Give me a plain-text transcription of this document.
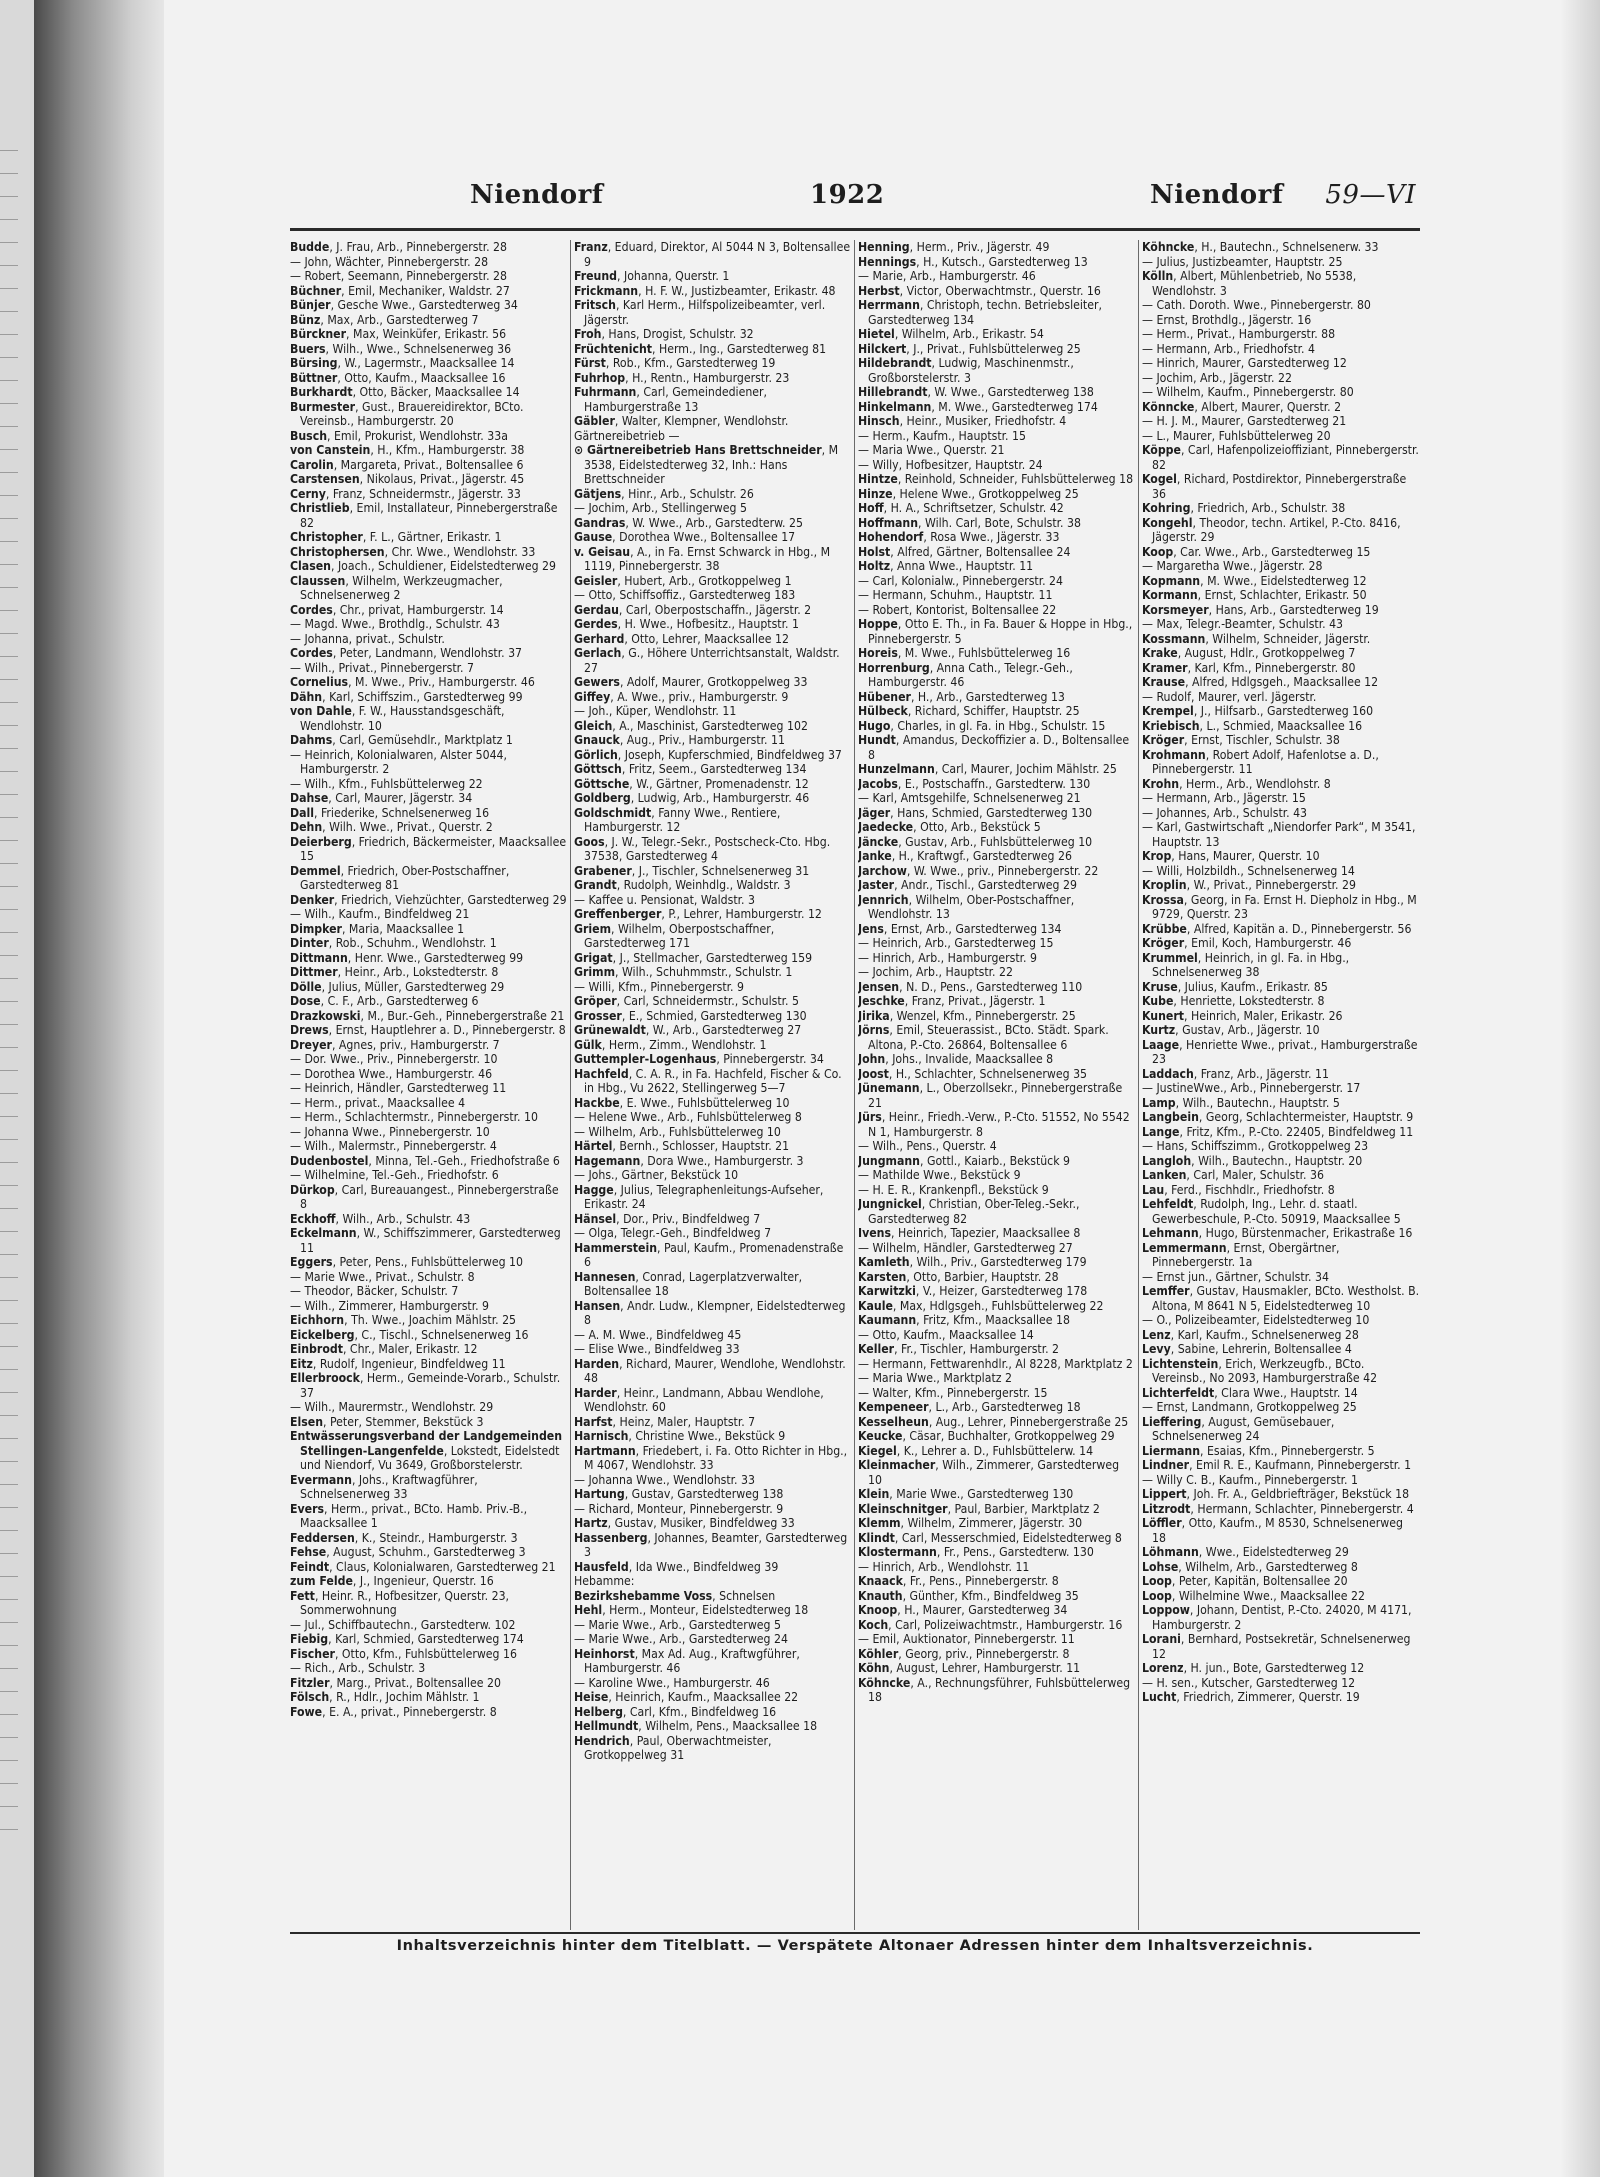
Niendorf	1922	Niendorf 59—VI

Budde, J. Frau, Arb., Pinnebergerstr. 28

— John, Wächter, Pinnebergerstr. 28

— Robert, Seemann, Pinnebergerstr. 28

Büchner, Emil, Mechaniker, Waldstr. 27

Bünjer, Gesche Wwe., Garstedterweg 34

Bünz, Max, Arb., Garstedterweg 7

Bürckner, Max, Weinküfer, Erikastr. 56

Buers, Wilh., Wwe., Schnelsenerweg 36

Bürsing, W., Lagermstr., Maacksallee 14

Büttner, Otto, Kaufm., Maacksallee 16

Burkhardt, Otto, Bäcker, Maacksallee 14

Burmester, Gust., Brauereidirektor, BCto. Vereinsb., Hamburgerstr. 20

Busch, Emil, Prokurist, Wendlohstr. 33a

von Canstein, H., Kfm., Hamburgerstr. 38

Carolin, Margareta, Privat., Boltensallee 6

Carstensen, Nikolaus, Privat., Jägerstr. 45

Cerny, Franz, Schneidermstr., Jägerstr. 33

Christlieb, Emil, Installateur, Pinnebergerstraße 82

Christopher, F. L., Gärtner, Erikastr. 1

Christophersen, Chr. Wwe., Wendlohstr. 33

Clasen, Joach., Schuldiener, Eidelstedterweg 29

Claussen, Wilhelm, Werkzeugmacher, Schnelsenerweg 2

Cordes, Chr., privat, Hamburgerstr. 14

— Magd. Wwe., Brothdlg., Schulstr. 43

— Johanna, privat., Schulstr.

Cordes, Peter, Landmann, Wendlohstr. 37

— Wilh., Privat., Pinnebergerstr. 7

Cornelius, M. Wwe., Priv., Hamburgerstr. 46

Dähn, Karl, Schiffszim., Garstedterweg 99

von Dahle, F. W., Hausstandsgeschäft, Wendlohstr. 10

Dahms, Carl, Gemüsehdlr., Marktplatz 1

— Heinrich, Kolonialwaren, Alster 5044, Hamburgerstr. 2

— Wilh., Kfm., Fuhlsbüttelerweg 22

Dahse, Carl, Maurer, Jägerstr. 34

Dall, Friederike, Schnelsenerweg 16

Dehn, Wilh. Wwe., Privat., Querstr. 2

Deierberg, Friedrich, Bäckermeister, Maacksallee 15

Demmel, Friedrich, Ober-Postschaffner, Garstedterweg 81

Denker, Friedrich, Viehzüchter, Garstedterweg 29

— Wilh., Kaufm., Bindfeldweg 21

Dimpker, Maria, Maacksallee 1

Dinter, Rob., Schuhm., Wendlohstr. 1

Dittmann, Henr. Wwe., Garstedterweg 99

Dittmer, Heinr., Arb., Lokstedterstr. 8

Dölle, Julius, Müller, Garstedterweg 29

Dose, C. F., Arb., Garstedterweg 6

Drazkowski, M., Bur.-Geh., Pinnebergerstraße 21

Drews, Ernst, Hauptlehrer a. D., Pinnebergerstr. 8

Dreyer, Agnes, priv., Hamburgerstr. 7

— Dor. Wwe., Priv., Pinnebergerstr. 10

— Dorothea Wwe., Hamburgerstr. 46

— Heinrich, Händler, Garstedterweg 11

— Herm., privat., Maacksallee 4

— Herm., Schlachtermstr., Pinnebergerstr. 10

— Johanna Wwe., Pinnebergerstr. 10

— Wilh., Malermstr., Pinnebergerstr. 4

Dudenbostel, Minna, Tel.-Geh., Friedhofstraße 6

— Wilhelmine, Tel.-Geh., Friedhofstr. 6

Dürkop, Carl, Bureauangest., Pinnebergerstraße 8

Eckhoff, Wilh., Arb., Schulstr. 43

Eckelmann, W., Schiffszimmerer, Garstedterweg 11

Eggers, Peter, Pens., Fuhlsbüttelerweg 10

— Marie Wwe., Privat., Schulstr. 8

— Theodor, Bäcker, Schulstr. 7

— Wilh., Zimmerer, Hamburgerstr. 9

Eichhorn, Th. Wwe., Joachim Mählstr. 25

Eickelberg, C., Tischl., Schnelsenerweg 16

Einbrodt, Chr., Maler, Erikastr. 12

Eitz, Rudolf, Ingenieur, Bindfeldweg 11

Ellerbroock, Herm., Gemeinde-Vorarb., Schulstr. 37

— Wilh., Maurermstr., Wendlohstr. 29

Elsen, Peter, Stemmer, Bekstück 3

Entwässerungsverband der Landgemeinden Stellingen-Langenfelde, Lokstedt, Eidelstedt und Niendorf, Vu 3649, Großborstelerstr.

Evermann, Johs., Kraftwagführer, Schnelsenerweg 33

Evers, Herm., privat., BCto. Hamb. Priv.-B., Maacksallee 1

Feddersen, K., Steindr., Hamburgerstr. 3

Fehse, August, Schuhm., Garstedterweg 3

Feindt, Claus, Kolonialwaren, Garstedterweg 21

zum Felde, J., Ingenieur, Querstr. 16

Fett, Heinr. R., Hofbesitzer, Querstr. 23, Sommerwohnung

— Jul., Schiffbautechn., Garstedterw. 102

Fiebig, Karl, Schmied, Garstedterweg 174

Fischer, Otto, Kfm., Fuhlsbüttelerweg 16

— Rich., Arb., Schulstr. 3

Fitzler, Marg., Privat., Boltensallee 20

Fölsch, R., Hdlr., Jochim Mählstr. 1

Fowe, E. A., privat., Pinnebergerstr. 8

Franz, Eduard, Direktor, Al 5044 N 3, Boltensallee 9

Freund, Johanna, Querstr. 1

Frickmann, H. F. W., Justizbeamter, Erikastr. 48

Fritsch, Karl Herm., Hilfspolizeibeamter, verl. Jägerstr.

Froh, Hans, Drogist, Schulstr. 32

Früchtenicht, Herm., Ing., Garstedterweg 81

Fürst, Rob., Kfm., Garstedterweg 19

Fuhrhop, H., Rentn., Hamburgerstr. 23

Fuhrmann, Carl, Gemeindediener, Hamburgerstraße 13

Gäbler, Walter, Klempner, Wendlohstr.

Gärtnereibetrieb —

⊙ Gärtnereibetrieb Hans Brettschneider, M 3538, Eidelstedterweg 32, Inh.: Hans Brettschneider

Gätjens, Hinr., Arb., Schulstr. 26

— Jochim, Arb., Stellingerweg 5

Gandras, W. Wwe., Arb., Garstedterw. 25

Gause, Dorothea Wwe., Boltensallee 17

v. Geisau, A., in Fa. Ernst Schwarck in Hbg., M 1119, Pinnebergerstr. 38

Geisler, Hubert, Arb., Grotkoppelweg 1

— Otto, Schiffsoffiz., Garstedterweg 183

Gerdau, Carl, Oberpostschaffn., Jägerstr. 2

Gerdes, H. Wwe., Hofbesitz., Hauptstr. 1

Gerhard, Otto, Lehrer, Maacksallee 12

Gerlach, G., Höhere Unterrichtsanstalt, Waldstr. 27

Gewers, Adolf, Maurer, Grotkoppelweg 33

Giffey, A. Wwe., priv., Hamburgerstr. 9

— Joh., Küper, Wendlohstr. 11

Gleich, A., Maschinist, Garstedterweg 102

Gnauck, Aug., Priv., Hamburgerstr. 11

Görlich, Joseph, Kupferschmied, Bindfeldweg 37

Göttsch, Fritz, Seem., Garstedterweg 134

Göttsche, W., Gärtner, Promenadenstr. 12

Goldberg, Ludwig, Arb., Hamburgerstr. 46

Goldschmidt, Fanny Wwe., Rentiere, Hamburgerstr. 12

Goos, J. W., Telegr.-Sekr., Postscheck-Cto. Hbg. 37538, Garstedterweg 4

Grabener, J., Tischler, Schnelsenerweg 31

Grandt, Rudolph, Weinhdlg., Waldstr. 3

— Kaffee u. Pensionat, Waldstr. 3

Greffenberger, P., Lehrer, Hamburgerstr. 12

Griem, Wilhelm, Oberpostschaffner, Garstedterweg 171

Grigat, J., Stellmacher, Garstedterweg 159

Grimm, Wilh., Schuhmmstr., Schulstr. 1

— Willi, Kfm., Pinnebergerstr. 9

Gröper, Carl, Schneidermstr., Schulstr. 5

Grosser, E., Schmied, Garstedterweg 130

Grünewaldt, W., Arb., Garstedterweg 27

Gülk, Herm., Zimm., Wendlohstr. 1

Guttempler-Logenhaus, Pinnebergerstr. 34

Hachfeld, C. A. R., in Fa. Hachfeld, Fischer & Co. in Hbg., Vu 2622, Stellingerweg 5—7

Hackbe, E. Wwe., Fuhlsbüttelerweg 10

— Helene Wwe., Arb., Fuhlsbüttelerweg 8

— Wilhelm, Arb., Fuhlsbüttelerweg 10

Härtel, Bernh., Schlosser, Hauptstr. 21

Hagemann, Dora Wwe., Hamburgerstr. 3

— Johs., Gärtner, Bekstück 10

Hagge, Julius, Telegraphenleitungs-Aufseher, Erikastr. 24

Hänsel, Dor., Priv., Bindfeldweg 7

— Olga, Telegr.-Geh., Bindfeldweg 7

Hammerstein, Paul, Kaufm., Promenadenstraße 6

Hannesen, Conrad, Lagerplatzverwalter, Boltensallee 18

Hansen, Andr. Ludw., Klempner, Eidelstedterweg 8

— A. M. Wwe., Bindfeldweg 45

— Elise Wwe., Bindfeldweg 33

Harden, Richard, Maurer, Wendlohe, Wendlohstr. 48

Harder, Heinr., Landmann, Abbau Wendlohe, Wendlohstr. 60

Harfst, Heinz, Maler, Hauptstr. 7

Harnisch, Christine Wwe., Bekstück 9

Hartmann, Friedebert, i. Fa. Otto Richter in Hbg., M 4067, Wendlohstr. 33

— Johanna Wwe., Wendlohstr. 33

Hartung, Gustav, Garstedterweg 138

— Richard, Monteur, Pinnebergerstr. 9

Hartz, Gustav, Musiker, Bindfeldweg 33

Hassenberg, Johannes, Beamter, Garstedterweg 3

Hausfeld, Ida Wwe., Bindfeldweg 39

Hebamme:

Bezirkshebamme Voss, Schnelsen

Hehl, Herm., Monteur, Eidelstedterweg 18

— Marie Wwe., Arb., Garstedterweg 5

— Marie Wwe., Arb., Garstedterweg 24

Heinhorst, Max Ad. Aug., Kraftwgführer, Hamburgerstr. 46

— Karoline Wwe., Hamburgerstr. 46

Heise, Heinrich, Kaufm., Maacksallee 22

Helberg, Carl, Kfm., Bindfeldweg 16

Hellmundt, Wilhelm, Pens., Maacksallee 18

Hendrich, Paul, Oberwachtmeister, Grotkoppelweg 31

Henning, Herm., Priv., Jägerstr. 49

Hennings, H., Kutsch., Garstedterweg 13

— Marie, Arb., Hamburgerstr. 46

Herbst, Victor, Oberwachtmstr., Querstr. 16

Herrmann, Christoph, techn. Betriebsleiter, Garstedterweg 134

Hietel, Wilhelm, Arb., Erikastr. 54

Hilckert, J., Privat., Fuhlsbüttelerweg 25

Hildebrandt, Ludwig, Maschinenmstr., Großborstelerstr. 3

Hillebrandt, W. Wwe., Garstedterweg 138

Hinkelmann, M. Wwe., Garstedterweg 174

Hinsch, Heinr., Musiker, Friedhofstr. 4

— Herm., Kaufm., Hauptstr. 15

— Maria Wwe., Querstr. 21

— Willy, Hofbesitzer, Hauptstr. 24

Hintze, Reinhold, Schneider, Fuhlsbüttelerweg 18

Hinze, Helene Wwe., Grotkoppelweg 25

Hoff, H. A., Schriftsetzer, Schulstr. 42

Hoffmann, Wilh. Carl, Bote, Schulstr. 38

Hohendorf, Rosa Wwe., Jägerstr. 33

Holst, Alfred, Gärtner, Boltensallee 24

Holtz, Anna Wwe., Hauptstr. 11

— Carl, Kolonialw., Pinnebergerstr. 24

— Hermann, Schuhm., Hauptstr. 11

— Robert, Kontorist, Boltensallee 22

Hoppe, Otto E. Th., in Fa. Bauer & Hoppe in Hbg., Pinnebergerstr. 5

Horeis, M. Wwe., Fuhlsbüttelerweg 16

Horrenburg, Anna Cath., Telegr.-Geh., Hamburgerstr. 46

Hübener, H., Arb., Garstedterweg 13

Hülbeck, Richard, Schiffer, Hauptstr. 25

Hugo, Charles, in gl. Fa. in Hbg., Schulstr. 15

Hundt, Amandus, Deckoffizier a. D., Boltensallee 8

Hunzelmann, Carl, Maurer, Jochim Mählstr. 25

Jacobs, E., Postschaffn., Garstedterw. 130

— Karl, Amtsgehilfe, Schnelsenerweg 21

Jäger, Hans, Schmied, Garstedterweg 130

Jaedecke, Otto, Arb., Bekstück 5

Jäncke, Gustav, Arb., Fuhlsbüttelerweg 10

Janke, H., Kraftwgf., Garstedterweg 26

Jarchow, W. Wwe., priv., Pinnebergerstr. 22

Jaster, Andr., Tischl., Garstedterweg 29

Jennrich, Wilhelm, Ober-Postschaffner, Wendlohstr. 13

Jens, Ernst, Arb., Garstedterweg 134

— Heinrich, Arb., Garstedterweg 15

— Hinrich, Arb., Hamburgerstr. 9

— Jochim, Arb., Hauptstr. 22

Jensen, N. D., Pens., Garstedterweg 110

Jeschke, Franz, Privat., Jägerstr. 1

Jirika, Wenzel, Kfm., Pinnebergerstr. 25

Jörns, Emil, Steuerassist., BCto. Städt. Spark. Altona, P.-Cto. 26864, Boltensallee 6

John, Johs., Invalide, Maacksallee 8

Joost, H., Schlachter, Schnelsenerweg 35

Jünemann, L., Oberzollsekr., Pinnebergerstraße 21

Jürs, Heinr., Friedh.-Verw., P.-Cto. 51552, No 5542 N 1, Hamburgerstr. 8

— Wilh., Pens., Querstr. 4

Jungmann, Gottl., Kaiarb., Bekstück 9

— Mathilde Wwe., Bekstück 9

— H. E. R., Krankenpfl., Bekstück 9

Jungnickel, Christian, Ober-Teleg.-Sekr., Garstedterweg 82

Ivens, Heinrich, Tapezier, Maacksallee 8

— Wilhelm, Händler, Garstedterweg 27

Kamleth, Wilh., Priv., Garstedterweg 179

Karsten, Otto, Barbier, Hauptstr. 28

Karwitzki, V., Heizer, Garstedterweg 178

Kaule, Max, Hdlgsgeh., Fuhlsbüttelerweg 22

Kaumann, Fritz, Kfm., Maacksallee 18

— Otto, Kaufm., Maacksallee 14

Keller, Fr., Tischler, Hamburgerstr. 2

— Hermann, Fettwarenhdlr., Al 8228, Marktplatz 2

— Maria Wwe., Marktplatz 2

— Walter, Kfm., Pinnebergerstr. 15

Kempeneer, L., Arb., Garstedterweg 18

Kesselheun, Aug., Lehrer, Pinnebergerstraße 25

Keucke, Cäsar, Buchhalter, Grotkoppelweg 29

Kiegel, K., Lehrer a. D., Fuhlsbüttelerw. 14

Kleinmacher, Wilh., Zimmerer, Garstedterweg 10

Klein, Marie Wwe., Garstedterweg 130

Kleinschnitger, Paul, Barbier, Marktplatz 2

Klemm, Wilhelm, Zimmerer, Jägerstr. 30

Klindt, Carl, Messerschmied, Eidelstedterweg 8

Klostermann, Fr., Pens., Garstedterw. 130

— Hinrich, Arb., Wendlohstr. 11

Knaack, Fr., Pens., Pinnebergerstr. 8

Knauth, Günther, Kfm., Bindfeldweg 35

Knoop, H., Maurer, Garstedterweg 34

Koch, Carl, Polizeiwachtmstr., Hamburgerstr. 16

— Emil, Auktionator, Pinnebergerstr. 11

Köhler, Georg, priv., Pinnebergerstr. 8

Köhn, August, Lehrer, Hamburgerstr. 11

Köhncke, A., Rechnungsführer, Fuhlsbüttelerweg 18

Köhncke, H., Bautechn., Schnelsenerw. 33

— Julius, Justizbeamter, Hauptstr. 25

Kölln, Albert, Mühlenbetrieb, No 5538, Wendlohstr. 3

— Cath. Doroth. Wwe., Pinnebergerstr. 80

— Ernst, Brothdlg., Jägerstr. 16

— Herm., Privat., Hamburgerstr. 88

— Hermann, Arb., Friedhofstr. 4

— Hinrich, Maurer, Garstedterweg 12

— Jochim, Arb., Jägerstr. 22

— Wilhelm, Kaufm., Pinnebergerstr. 80

Könncke, Albert, Maurer, Querstr. 2

— H. J. M., Maurer, Garstedterweg 21

— L., Maurer, Fuhlsbüttelerweg 20

Köppe, Carl, Hafenpolizeioffiziant, Pinnebergerstr. 82

Kogel, Richard, Postdirektor, Pinnebergerstraße 36

Kohring, Friedrich, Arb., Schulstr. 38

Kongehl, Theodor, techn. Artikel, P.-Cto. 8416, Jägerstr. 29

Koop, Car. Wwe., Arb., Garstedterweg 15

— Margaretha Wwe., Jägerstr. 28

Kopmann, M. Wwe., Eidelstedterweg 12

Kormann, Ernst, Schlachter, Erikastr. 50

Korsmeyer, Hans, Arb., Garstedterweg 19

— Max, Telegr.-Beamter, Schulstr. 43

Kossmann, Wilhelm, Schneider, Jägerstr.

Krake, August, Hdlr., Grotkoppelweg 7

Kramer, Karl, Kfm., Pinnebergerstr. 80

Krause, Alfred, Hdlgsgeh., Maacksallee 12

— Rudolf, Maurer, verl. Jägerstr.

Krempel, J., Hilfsarb., Garstedterweg 160

Kriebisch, L., Schmied, Maacksallee 16

Kröger, Ernst, Tischler, Schulstr. 38

Krohmann, Robert Adolf, Hafenlotse a. D., Pinnebergerstr. 11

Krohn, Herm., Arb., Wendlohstr. 8

— Hermann, Arb., Jägerstr. 15

— Johannes, Arb., Schulstr. 43

— Karl, Gastwirtschaft „Niendorfer Park“, M 3541, Hauptstr. 13

Krop, Hans, Maurer, Querstr. 10

— Willi, Holzbildh., Schnelsenerweg 14

Kroplin, W., Privat., Pinnebergerstr. 29

Krossa, Georg, in Fa. Ernst H. Diepholz in Hbg., M 9729, Querstr. 23

Krübbe, Alfred, Kapitän a. D., Pinnebergerstr. 56

Kröger, Emil, Koch, Hamburgerstr. 46

Krummel, Heinrich, in gl. Fa. in Hbg., Schnelsenerweg 38

Kruse, Julius, Kaufm., Erikastr. 85

Kube, Henriette, Lokstedterstr. 8

Kunert, Heinrich, Maler, Erikastr. 26

Kurtz, Gustav, Arb., Jägerstr. 10

Laage, Henriette Wwe., privat., Hamburgerstraße 23

Laddach, Franz, Arb., Jägerstr. 11

— JustineWwe., Arb., Pinnebergerstr. 17

Lamp, Wilh., Bautechn., Hauptstr. 5

Langbein, Georg, Schlachtermeister, Hauptstr. 9

Lange, Fritz, Kfm., P.-Cto. 22405, Bindfeldweg 11

— Hans, Schiffszimm., Grotkoppelweg 23

Langloh, Wilh., Bautechn., Hauptstr. 20

Lanken, Carl, Maler, Schulstr. 36

Lau, Ferd., Fischhdlr., Friedhofstr. 8

Lehfeldt, Rudolph, Ing., Lehr. d. staatl. Gewerbeschule, P.-Cto. 50919, Maacksallee 5

Lehmann, Hugo, Bürstenmacher, Erikastraße 16

Lemmermann, Ernst, Obergärtner, Pinnebergerstr. 1a

— Ernst jun., Gärtner, Schulstr. 34

Lemffer, Gustav, Hausmakler, BCto. Westholst. B. Altona, M 8641 N 5, Eidelstedterweg 10

— O., Polizeibeamter, Eidelstedterweg 10

Lenz, Karl, Kaufm., Schnelsenerweg 28

Levy, Sabine, Lehrerin, Boltensallee 4

Lichtenstein, Erich, Werkzeugfb., BCto. Vereinsb., No 2093, Hamburgerstraße 42

Lichterfeldt, Clara Wwe., Hauptstr. 14

— Ernst, Landmann, Grotkoppelweg 25

Lieffering, August, Gemüsebauer, Schnelsenerweg 24

Liermann, Esaias, Kfm., Pinnebergerstr. 5

Lindner, Emil R. E., Kaufmann, Pinnebergerstr. 1

— Willy C. B., Kaufm., Pinnebergerstr. 1

Lippert, Joh. Fr. A., Geldbriefträger, Bekstück 18

Litzrodt, Hermann, Schlachter, Pinnebergerstr. 4

Löffler, Otto, Kaufm., M 8530, Schnelsenerweg 18

Löhmann, Wwe., Eidelstedterweg 29

Lohse, Wilhelm, Arb., Garstedterweg 8

Loop, Peter, Kapitän, Boltensallee 20

Loop, Wilhelmine Wwe., Maacksallee 22

Loppow, Johann, Dentist, P.-Cto. 24020, M 4171, Hamburgerstr. 2

Lorani, Bernhard, Postsekretär, Schnelsenerweg 12

Lorenz, H. jun., Bote, Garstedterweg 12

— H. sen., Kutscher, Garstedterweg 12

Lucht, Friedrich, Zimmerer, Querstr. 19

Inhaltsverzeichnis hinter dem Titelblatt. — Verspätete Altonaer Adressen hinter dem Inhaltsverzeichnis.
